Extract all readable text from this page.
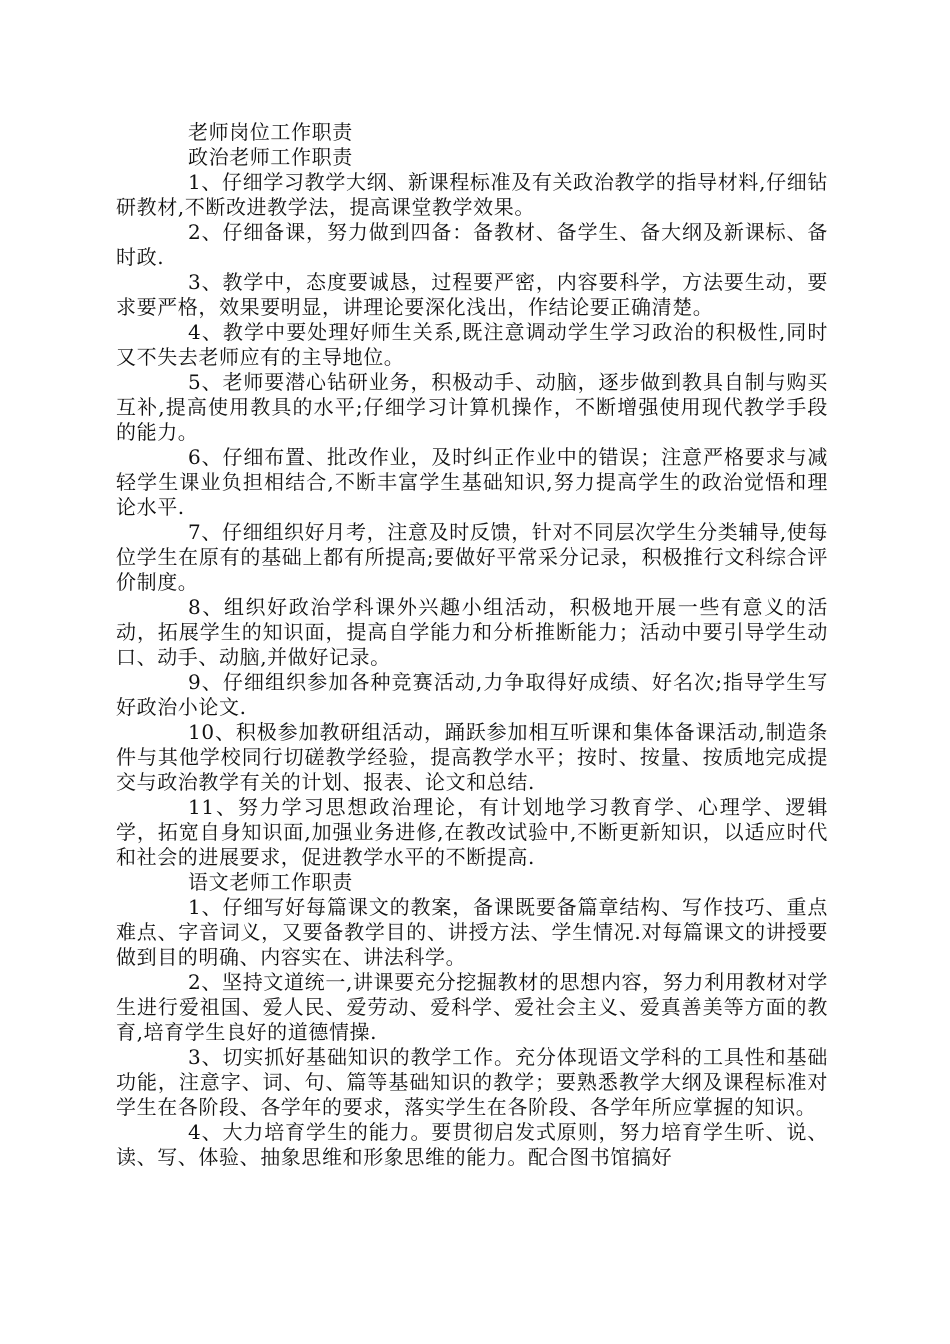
老师岗位工作职责

政治老师工作职责

1、仔细学习教学大纲、新课程标准及有关政治教学的指导材料,仔细钻研教材,不断改进教学法，提高课堂教学效果。

2、仔细备课，努力做到四备：备教材、备学生、备大纲及新课标、备时政.

3、教学中，态度要诚恳，过程要严密，内容要科学，方法要生动，要求要严格，效果要明显，讲理论要深化浅出，作结论要正确清楚。

4、教学中要处理好师生关系,既注意调动学生学习政治的积极性,同时又不失去老师应有的主导地位。

5、老师要潜心钻研业务，积极动手、动脑，逐步做到教具自制与购买互补,提高使用教具的水平;仔细学习计算机操作，不断增强使用现代教学手段的能力。

6、仔细布置、批改作业，及时纠正作业中的错误；注意严格要求与减轻学生课业负担相结合,不断丰富学生基础知识,努力提高学生的政治觉悟和理论水平.

7、仔细组织好月考，注意及时反馈，针对不同层次学生分类辅导,使每位学生在原有的基础上都有所提高;要做好平常采分记录，积极推行文科综合评价制度。

8、组织好政治学科课外兴趣小组活动，积极地开展一些有意义的活动，拓展学生的知识面，提高自学能力和分析推断能力；活动中要引导学生动口、动手、动脑,并做好记录。

9、仔细组织参加各种竞赛活动,力争取得好成绩、好名次;指导学生写好政治小论文.

10、积极参加教研组活动，踊跃参加相互听课和集体备课活动,制造条件与其他学校同行切磋教学经验，提高教学水平；按时、按量、按质地完成提交与政治教学有关的计划、报表、论文和总结.

11、努力学习思想政治理论，有计划地学习教育学、心理学、逻辑学，拓宽自身知识面,加强业务进修,在教改试验中,不断更新知识，以适应时代和社会的进展要求，促进教学水平的不断提高.

语文老师工作职责

1、仔细写好每篇课文的教案，备课既要备篇章结构、写作技巧、重点难点、字音词义，又要备教学目的、讲授方法、学生情况.对每篇课文的讲授要做到目的明确、内容实在、讲法科学。

2、坚持文道统一,讲课要充分挖掘教材的思想内容，努力利用教材对学生进行爱祖国、爱人民、爱劳动、爱科学、爱社会主义、爱真善美等方面的教育,培育学生良好的道德情操.

3、切实抓好基础知识的教学工作。充分体现语文学科的工具性和基础功能，注意字、词、句、篇等基础知识的教学；要熟悉教学大纲及课程标准对学生在各阶段、各学年的要求，落实学生在各阶段、各学年所应掌握的知识。

4、大力培育学生的能力。要贯彻启发式原则，努力培育学生听、说、读、写、体验、抽象思维和形象思维的能力。配合图书馆搞好
